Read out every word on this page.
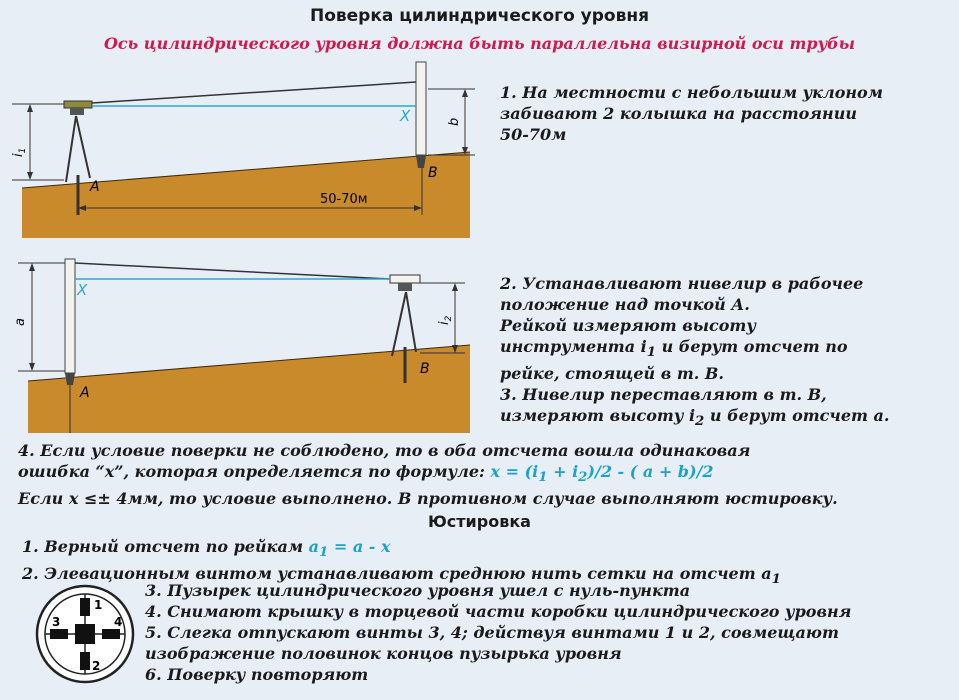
Поверка цилиндрического уровня
Ось цилиндрического уровня должна быть параллельна визирной оси трубы
$i_1$
b
X
A
B
50-70м
a	$i_2$
X
A
B
1. На местности с небольшим уклоном
забивают 2 колышка на расстоянии
50-70м
2. Устанавливают нивелир в рабочее
положение над точкой А.
Рейкой измеряют высоту
инструмента $i_1$ и берут отсчет по
рейке, стоящей в т. В.
3. Нивелир переставляют в т. В,
измеряют высоту $i_2$ и берут отсчет а.
4. Если условие поверки не соблюдено, то в оба отсчета вошла одинаковая
ошибка “х”, которая определяется по формуле: $х = (i_1 + i_2)/2$ - ( a + b)/2
Если х ≤± 4мм, то условие выполнено. В противном случае выполняют юстировку.
Юстировка
1. Верный отсчет по рейкам $a_1 = a - x$
2. Элевационным винтом устанавливают среднюю нить сетки на отсчет $a_1$
3. Пузырек цилиндрического уровня ушел с нуль-пункта
4. Снимают крышку в торцевой части коробки цилиндрического уровня
5. Слегка отпускают винты 3, 4; действуя винтами 1 и 2, совмещают
изображение половинок концов пузырька уровня
6. Поверку повторяют
1
2
3	4
